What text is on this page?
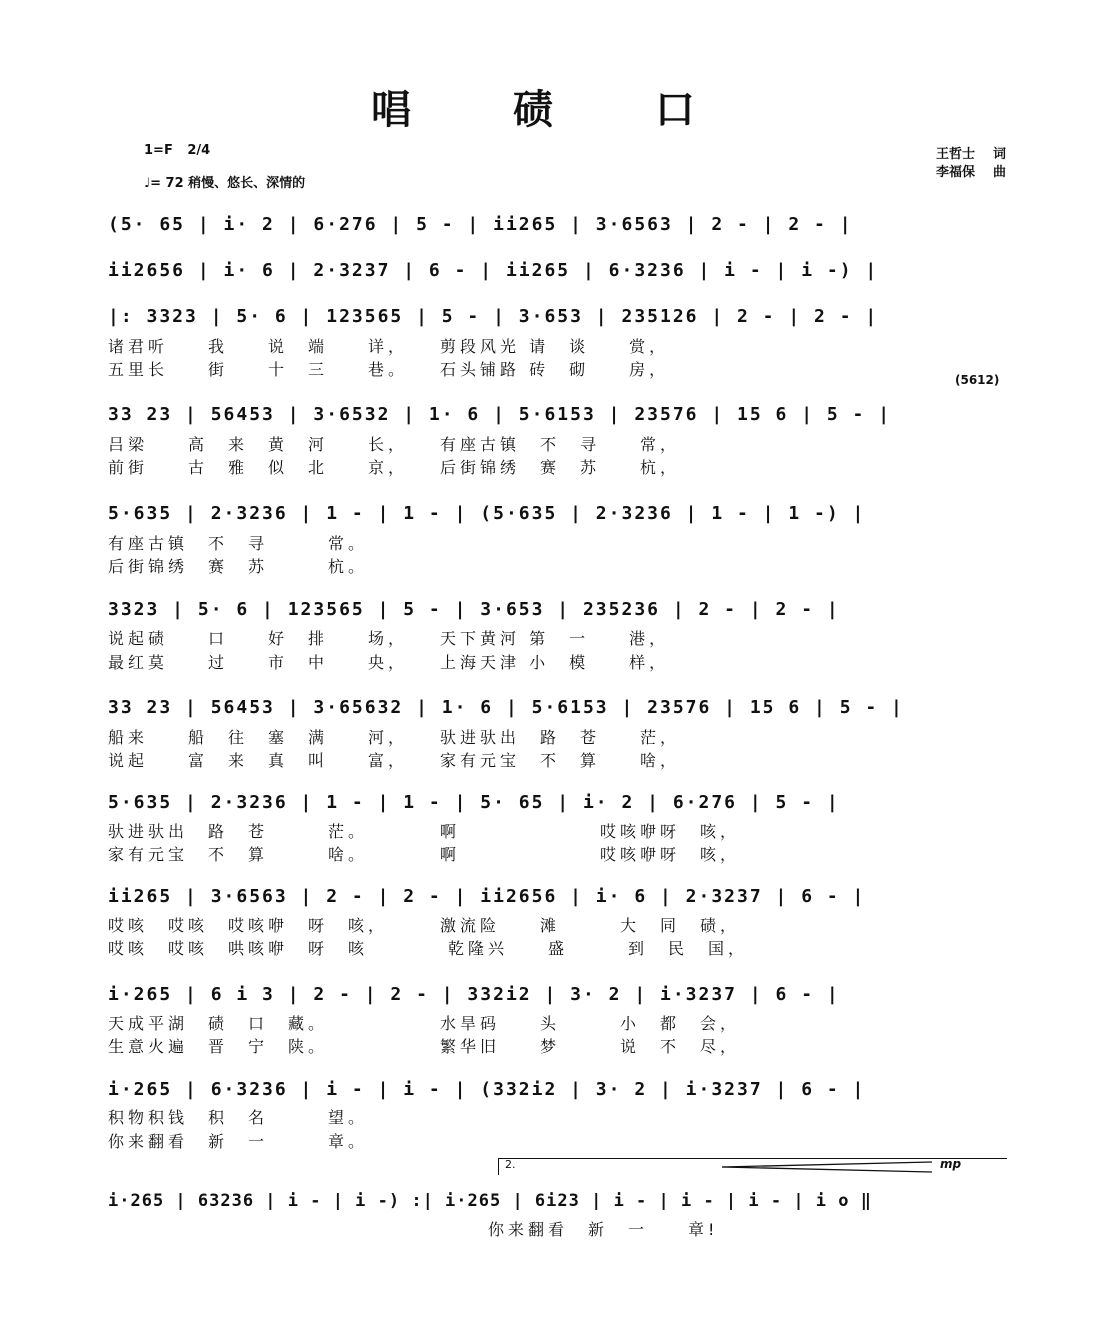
唱 碛 口
1=F 2/4
♩= 72 稍慢、悠长、深情的
王哲士 词
李福保 曲
(5· 65 | i· 2 | 6·276 | 5 - | ii265 | 3·6563 | 2 - | 2 - |
ii2656 | i· 6 | 2·3237 | 6 - | ii265 | 6·3236 | i - | i -) |
|: 3323 | 5· 6 | 123565 | 5 - | 3·653 | 235126 | 2 - | 2 - |
诸君听　　我　　说　端　　详，　　剪段风光 请　谈　　赏，
五里长　　街　　十　三　　巷。　　石头铺路 砖　砌　　房，
(5612)
33 23 | 56453 | 3·6532 | 1· 6 | 5·6153 | 23576 | 15 6 | 5 - |
吕梁　　高　来　黄　河　　长，　　有座古镇　不　寻　　常，
前街　　古　雅　似　北　　京，　　后街锦绣　赛　苏　　杭，
5·635 | 2·3236 | 1 - | 1 - | (5·635 | 2·3236 | 1 - | 1 -) |
有座古镇　不　寻　　　常。
后街锦绣　赛　苏　　　杭。
3323 | 5· 6 | 123565 | 5 - | 3·653 | 235236 | 2 - | 2 - |
说起碛　　口　　好　排　　场，　　天下黄河 第　一　　港，
最红莫　　过　　市　中　　央，　　上海天津 小　模　　样，
33 23 | 56453 | 3·65632 | 1· 6 | 5·6153 | 23576 | 15 6 | 5 - |
船来　　船　往　塞　满　　河，　　驮进驮出　路　苍　　茫，
说起　　富　来　真　叫　　富，　　家有元宝　不　算　　啥，
5·635 | 2·3236 | 1 - | 1 - | 5· 65 | i· 2 | 6·276 | 5 - |
驮进驮出　路　苍　　　茫。　　　　啊　　　　　　　哎咳咿呀　咳，
家有元宝　不　算　　　啥。　　　　啊　　　　　　　哎咳咿呀　咳，
ii265 | 3·6563 | 2 - | 2 - | ii2656 | i· 6 | 2·3237 | 6 - |
哎咳　哎咳　哎咳咿　呀　咳，　　　激流险　　滩　　　大　同　碛，
哎咳　哎咳　哄咳咿　呀　咳　　　　乾隆兴　　盛　　　到　民　国，
i·265 | 6 i 3 | 2 - | 2 - | 332i2 | 3· 2 | i·3237 | 6 - |
天成平湖　碛　口　藏。　　　　　　水旱码　　头　　　小　都　会，
生意火遍　晋　宁　陕。　　　　　　繁华旧　　梦　　　说　不　尽，
i·265 | 6·3236 | i - | i - | (332i2 | 3· 2 | i·3237 | 6 - |
积物积钱　积　名　　　望。
你来翻看　新　一　　　章。
2.	mp
i·265 | 63236 | i - | i -) :| i·265 | 6i23 | i - | i - | i - | i o ‖
　　　　　　　　　　　　　　　　　　　你来翻看　新　一　　章!
